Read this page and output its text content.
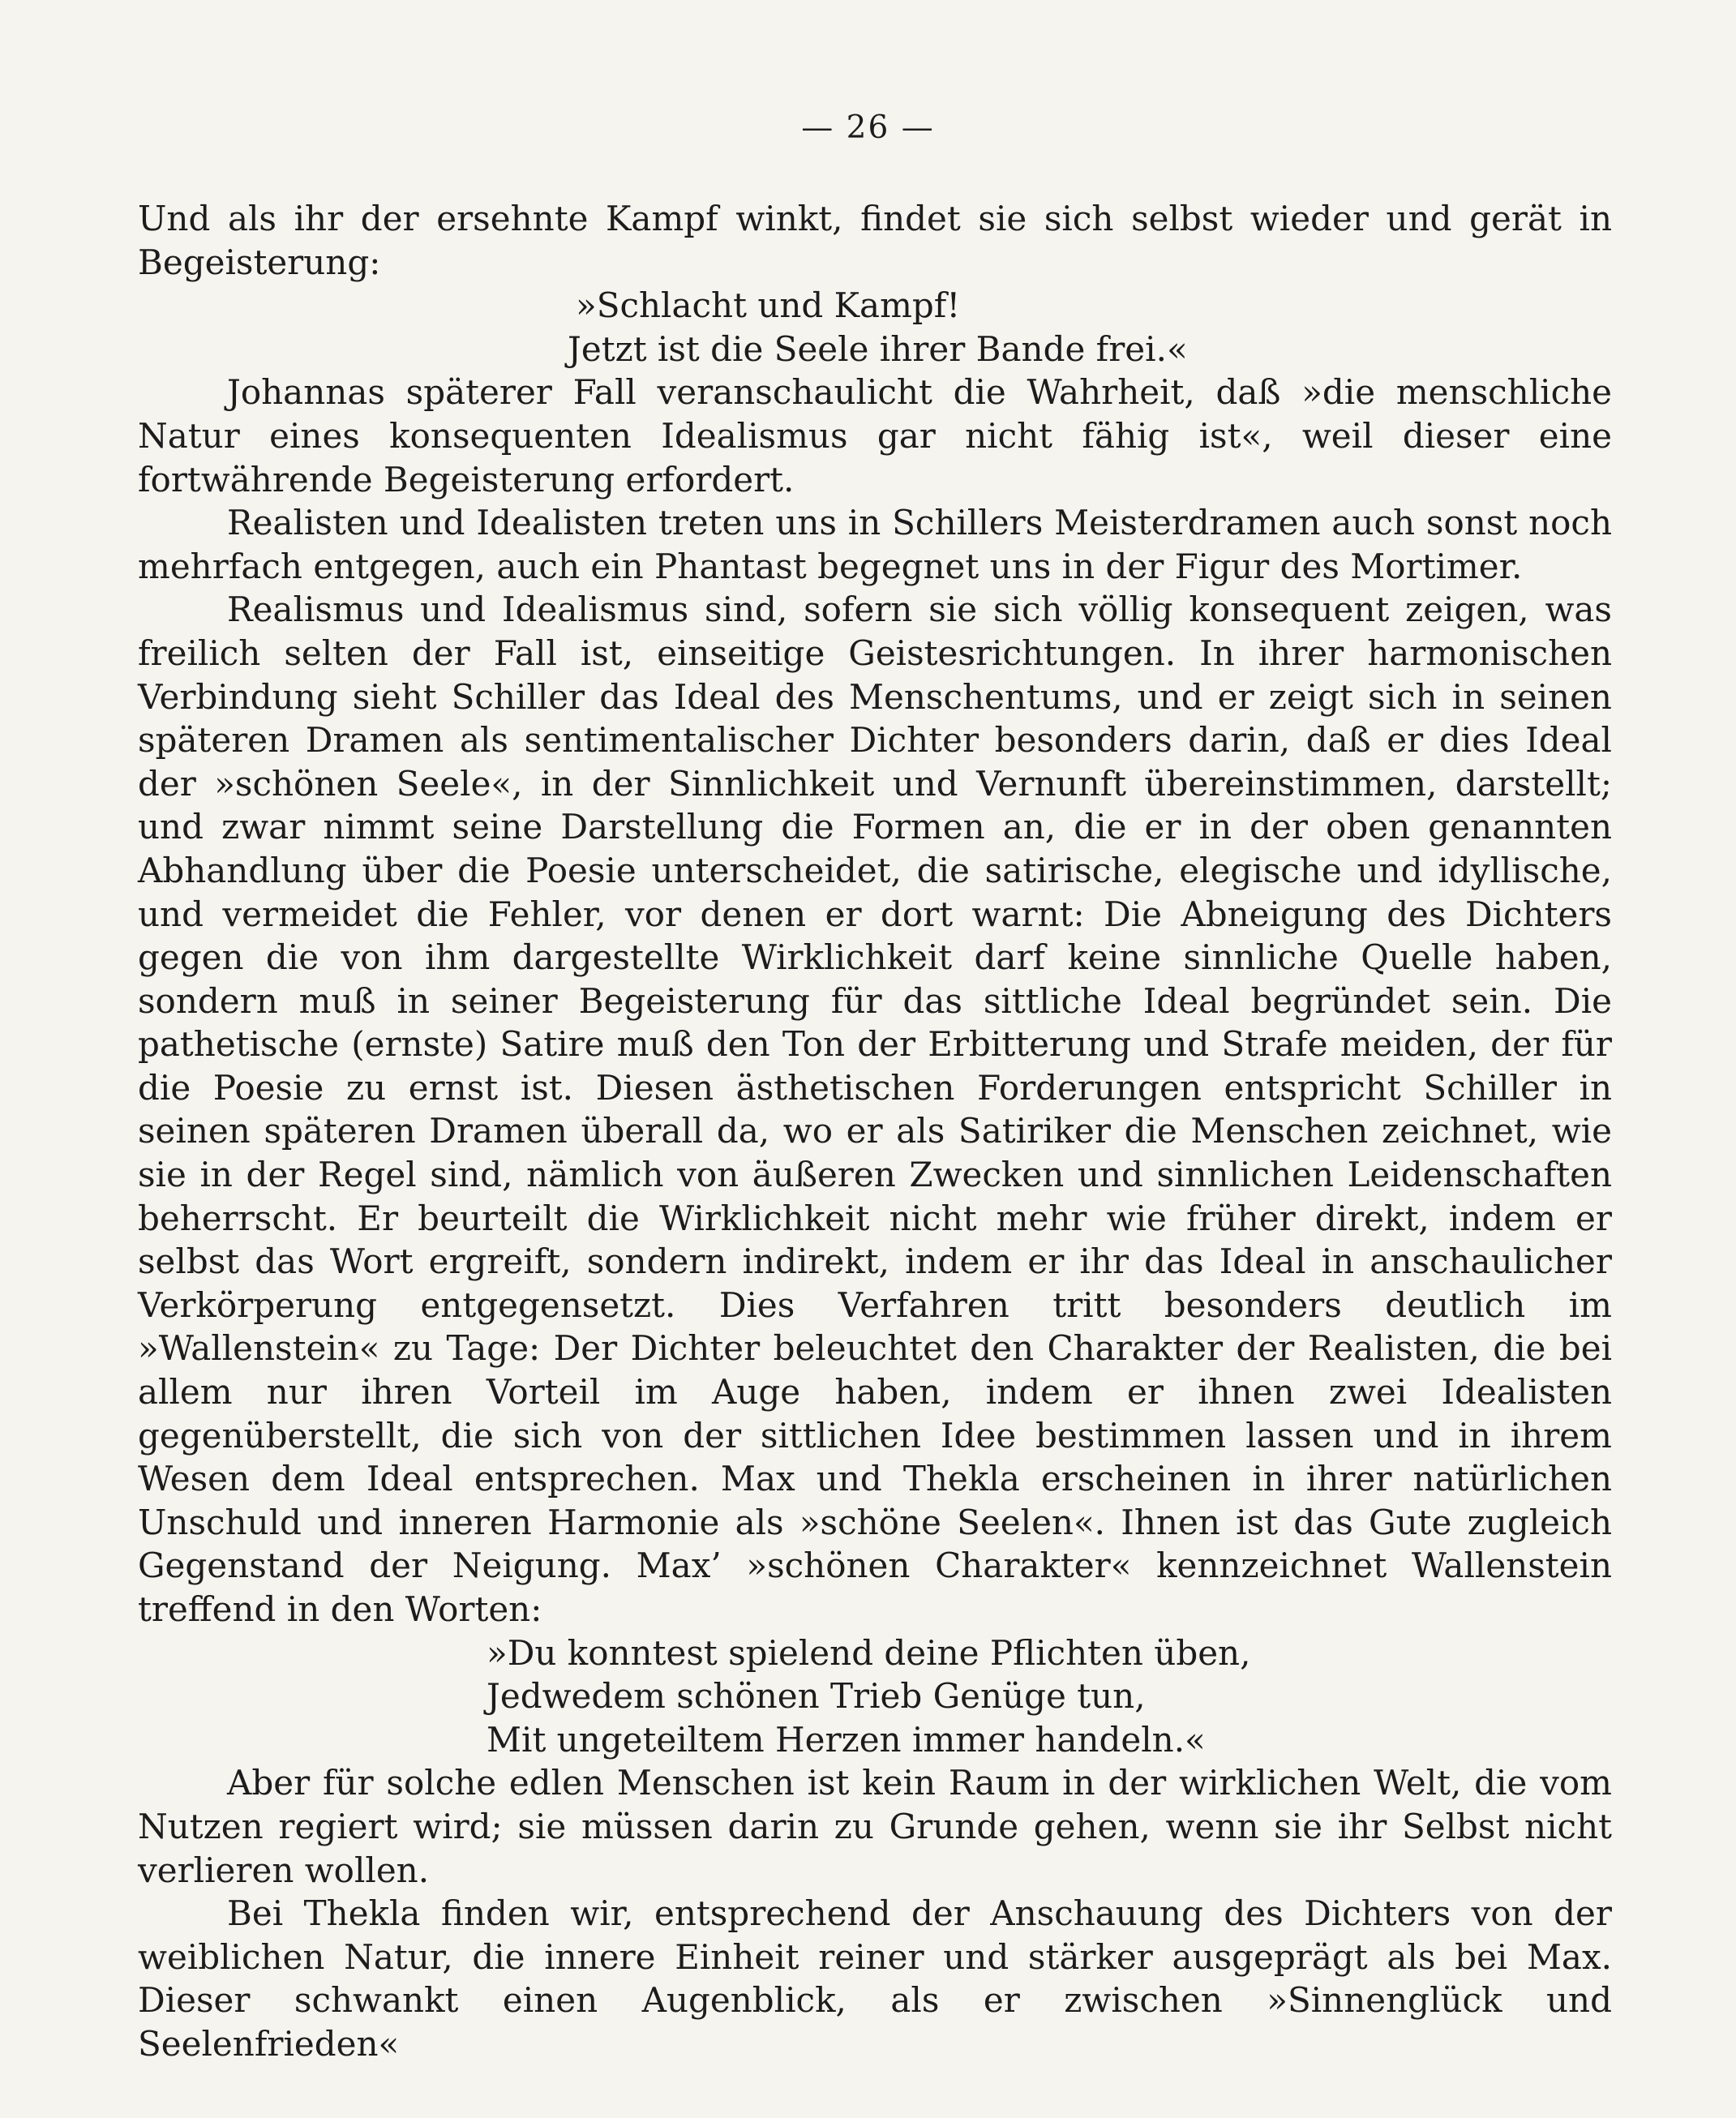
— 26 —

Und als ihr der ersehnte Kampf winkt, findet sie sich selbst wieder und gerät in Begeisterung:

»Schlacht und Kampf!
Jetzt ist die Seele ihrer Bande frei.«

Johannas späterer Fall veranschaulicht die Wahrheit, daß »die menschliche Natur eines konsequenten Idealismus gar nicht fähig ist«, weil dieser eine fortwährende Begeisterung erfordert.

Realisten und Idealisten treten uns in Schillers Meisterdramen auch sonst noch mehrfach entgegen, auch ein Phantast begegnet uns in der Figur des Mortimer.

Realismus und Idealismus sind, sofern sie sich völlig konsequent zeigen, was freilich selten der Fall ist, einseitige Geistesrichtungen. In ihrer harmonischen Verbindung sieht Schiller das Ideal des Menschentums, und er zeigt sich in seinen späteren Dramen als sentimentalischer Dichter besonders darin, daß er dies Ideal der »schönen Seele«, in der Sinnlichkeit und Vernunft übereinstimmen, darstellt; und zwar nimmt seine Darstellung die Formen an, die er in der oben genannten Abhandlung über die Poesie unterscheidet, die satirische, elegische und idyllische, und vermeidet die Fehler, vor denen er dort warnt: Die Abneigung des Dichters gegen die von ihm dargestellte Wirklichkeit darf keine sinnliche Quelle haben, sondern muß in seiner Begeisterung für das sittliche Ideal begründet sein. Die pathetische (ernste) Satire muß den Ton der Erbitterung und Strafe meiden, der für die Poesie zu ernst ist. Diesen ästhetischen Forderungen entspricht Schiller in seinen späteren Dramen überall da, wo er als Satiriker die Menschen zeichnet, wie sie in der Regel sind, nämlich von äußeren Zwecken und sinnlichen Leidenschaften beherrscht. Er beurteilt die Wirklichkeit nicht mehr wie früher direkt, indem er selbst das Wort ergreift, sondern indirekt, indem er ihr das Ideal in anschaulicher Verkörperung entgegensetzt. Dies Verfahren tritt besonders deutlich im »Wallenstein« zu Tage: Der Dichter beleuchtet den Charakter der Realisten, die bei allem nur ihren Vorteil im Auge haben, indem er ihnen zwei Idealisten gegenüberstellt, die sich von der sittlichen Idee bestimmen lassen und in ihrem Wesen dem Ideal entsprechen. Max und Thekla erscheinen in ihrer natürlichen Unschuld und inneren Harmonie als »schöne Seelen«. Ihnen ist das Gute zugleich Gegenstand der Neigung. Max’ »schönen Charakter« kennzeichnet Wallenstein treffend in den Worten:

»Du konntest spielend deine Pflichten üben,
Jedwedem schönen Trieb Genüge tun,
Mit ungeteiltem Herzen immer handeln.«

Aber für solche edlen Menschen ist kein Raum in der wirklichen Welt, die vom Nutzen regiert wird; sie müssen darin zu Grunde gehen, wenn sie ihr Selbst nicht verlieren wollen.

Bei Thekla finden wir, entsprechend der Anschauung des Dichters von der weiblichen Natur, die innere Einheit reiner und stärker ausgeprägt als bei Max. Dieser schwankt einen Augenblick, als er zwischen »Sinnenglück und Seelenfrieden«
